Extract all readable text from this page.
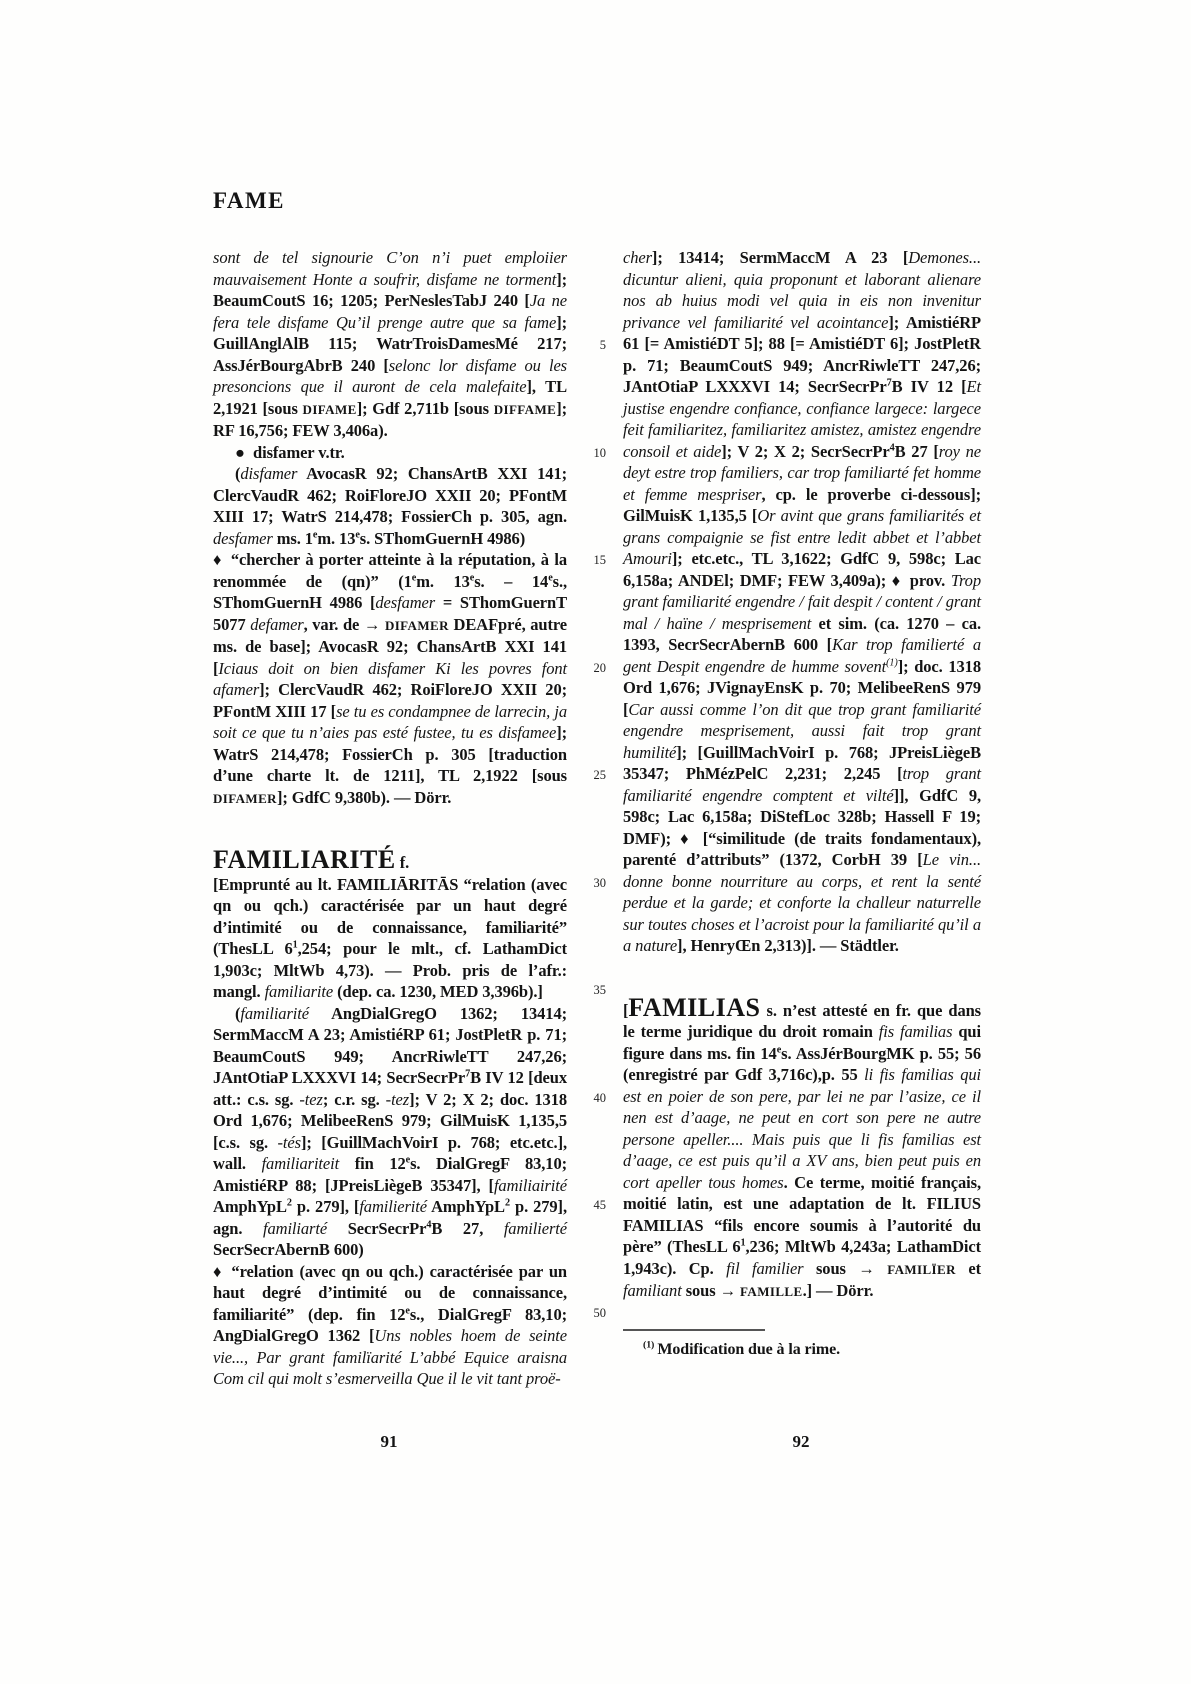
FAME

sont de tel signourie C’on n’i puet emploiier mauvaisement Honte a soufrir, disfame ne torment]; BeaumCoutS 16; 1205; PerNeslesTabJ 240 [Ja ne fera tele disfame Qu’il prenge autre que sa fame]; GuillAnglAlB 115; WatrTroisDamesMé 217; AssJérBourgAbrB 240 [selonc lor disfame ou les presoncions que il auront de cela malefaite], TL 2,1921 [sous DIFAME]; Gdf 2,711b [sous DIFFAME]; RF 16,756; FEW 3,406a).

● disfamer v.tr.

(disfamer AvocasR 92; ChansArtB XXI 141; ClercVaudR 462; RoiFloreJO XXII 20; PFontM XIII 17; WatrS 214,478; FossierCh p. 305, agn. desfamer ms. 1em. 13es. SThomGuernH 4986)

♦ “chercher à porter atteinte à la réputation, à la renommée de (qn)” (1em. 13es. – 14es., SThomGuernH 4986 [desfamer = SThomGuernT 5077 defamer, var. de → DIFAMER DEAFpré, autre ms. de base]; AvocasR 92; ChansArtB XXI 141 [Iciaus doit on bien disfamer Ki les povres font afamer]; ClercVaudR 462; RoiFloreJO XXII 20; PFontM XIII 17 [se tu es condampnee de larrecin, ja soit ce que tu n’aies pas esté fustee, tu es disfamee]; WatrS 214,478; FossierCh p. 305 [traduction d’une charte lt. de 1211], TL 2,1922 [sous DIFAMER]; GdfC 9,380b). — Dörr.

FAMILIARITÉ f.

[Emprunté au lt. FAMILIĀRITĀS “relation (avec qn ou qch.) caractérisée par un haut degré d’intimité ou de connaissance, familiarité” (ThesLL $6^1,254$; pour le mlt., cf. LathamDict 1,903c; MltWb 4,73). — Prob. pris de l’afr.: mangl. familiarite (dep. ca. 1230, MED 3,396b).]

(familiarité AngDialGregO 1362; 13414; SermMaccM A 23; AmistiéRP 61; JostPletR p. 71; BeaumCoutS 949; AncrRiwleTT 247,26; JAntOtiaP LXXXVI 14; SecrSecrPr$^7$B IV 12 [deux att.: c.s. sg. -tez; c.r. sg. -tez]; V 2; X 2; doc. 1318 Ord 1,676; MelibeeRenS 979; GilMuisK 1,135,5 [c.s. sg. -tés]; [GuillMachVoirI p. 768; etc.etc.], wall. familiariteit fin 12es. DialGregF 83,10; AmistiéRP 88; [JPreisLiègeB 35347], [familiairité AmphYpL$^2$ p. 279], [familierité AmphYpL$^2$ p. 279], agn. familiarté SecrSecrPr$^4$B 27, familierté SecrSecrAbernB 600)

♦ “relation (avec qn ou qch.) caractérisée par un haut degré d’intimité ou de connaissance, familiarité” (dep. fin 12es., DialGregF 83,10; AngDialGregO 1362 [Uns nobles hoem de seinte vie..., Par grant familïarité L’abbé Equice araisna Com cil qui molt s’esmerveilla Que il le vit tant proë-

5
10
15
20
25
30
35
40
45
50

cher]; 13414; SermMaccM A 23 [Demones... dicuntur alieni, quia proponunt et laborant alienare nos ab huius modi vel quia in eis non invenitur privance vel familiarité vel acointance]; AmistiéRP 61 [= AmistiéDT 5]; 88 [= AmistiéDT 6]; JostPletR p. 71; BeaumCoutS 949; AncrRiwleTT 247,26; JAntOtiaP LXXXVI 14; SecrSecrPr$^7$B IV 12 [Et justise engendre confiance, confiance largece: largece feit familiaritez, familiaritez amistez, amistez engendre consoil et aide]; V 2; X 2; SecrSecrPr$^4$B 27 [roy ne deyt estre trop familiers, car trop familiarté fet homme et femme mespriser, cp. le proverbe ci-dessous]; GilMuisK 1,135,5 [Or avint que grans familiarités et grans compaignie se fist entre ledit abbet et l’abbet Amouri]; etc.etc., TL 3,1622; GdfC 9, 598c; Lac 6,158a; ANDEl; DMF; FEW 3,409a); ♦ prov. Trop grant familiarité engendre / fait despit / content / grant mal / haïne / mesprisement et sim. (ca. 1270 – ca. 1393, SecrSecrAbernB 600 [Kar trop familierté a gent Despit engendre de humme sovent$^{(1)}$]; doc. 1318 Ord 1,676; JVignayEnsK p. 70; MelibeeRenS 979 [Car aussi comme l’on dit que trop grant familiarité engendre mesprisement, aussi fait trop grant humilité]; [GuillMachVoirI p. 768; JPreisLiègeB 35347; PhMézPelC 2,231; 2,245 [trop grant familiarité engendre comptent et vilté]], GdfC 9, 598c; Lac 6,158a; DiStefLoc 328b; Hassell F 19; DMF); ♦ [“similitude (de traits fondamentaux), parenté d’attributs” (1372, CorbH 39 [Le vin... donne bonne nourriture au corps, et rent la senté perdue et la garde; et conforte la challeur naturrelle sur toutes choses et l’acroist pour la familiarité qu’il a a nature], HenryŒn 2,313)]. — Städtler.

[FAMILIAS s. n’est attesté en fr. que dans le terme juridique du droit romain fis familias qui figure dans ms. fin 14es. AssJérBourgMK p. 55; 56 (enregistré par Gdf 3,716c),p. 55 li fis familias qui est en poier de son pere, par lei ne par l’asize, ce il nen est d’aage, ne peut en cort son pere ne autre persone apeller.... Mais puis que li fis familias est d’aage, ce est puis qu’il a XV ans, bien peut puis en cort apeller tous homes. Ce terme, moitié français, moitié latin, est une adaptation de lt. FILIUS FAMILIAS “fils encore soumis à l’autorité du père” (ThesLL $6^1,236$; MltWb 4,243a; LathamDict 1,943c). Cp. fil familier sous → FAMILÏER et familiant sous → FAMILLE.] — Dörr.

$^{(1)}$ Modification due à la rime.

91	92
